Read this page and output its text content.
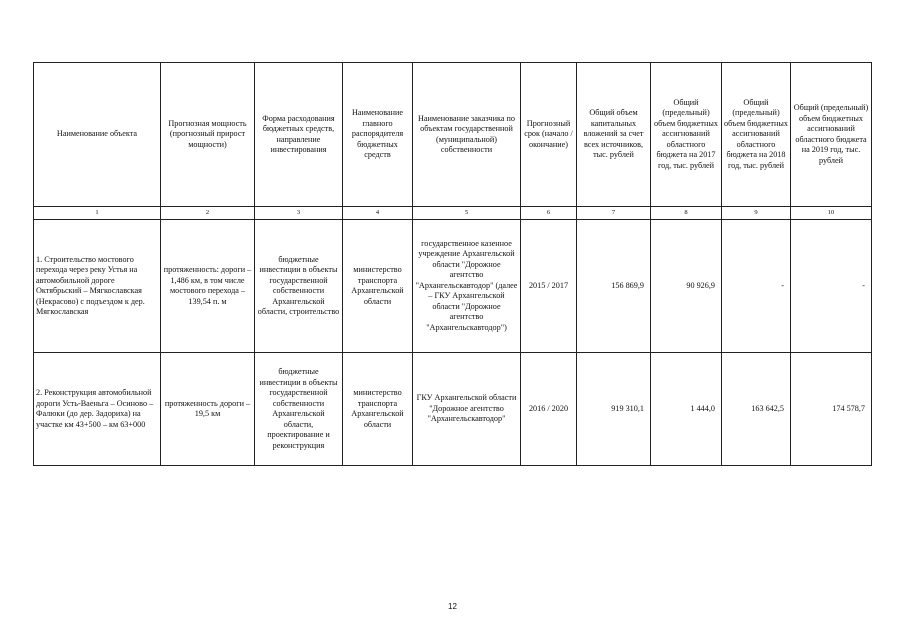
Наименование объекта	Прогнозная мощность (прогнозный прирост мощности)	Форма расходования бюджетных средств, направление инвестирования	Наименование главного распорядителя бюджетных средств	Наименование заказчика по объектам государственной (муниципальной) собственности	Прогнозный срок (начало / окончание)	Общий объем капитальных вложений за счет всех источников, тыс. рублей	Общий (предельный) объем бюджетных ассигнований областного бюджета на 2017 год, тыс. рублей	Общий (предельный) объем бюджетных ассигнований областного бюджета на 2018 год, тыс. рублей	Общий (предельный) объем бюджетных ассигнований областного бюджета на 2019 год, тыс. рублей
1	2	3	4	5	6	7	8	9	10
1. Строительство мостового перехода через реку Устья на автомобильной дороге Октябрьский – Мягкославская (Некрасово) с подъездом к дер. Мягкославская	протяженность: дороги – 1,486 км, в том числе мостового перехода – 139,54 п. м	бюджетные инвестиции в объекты государственной собственности Архангельской области, строительство	министерство транспорта Архангельской области	государственное казенное учреждение Архангельской области "Дорожное агентство "Архангельскавтодор" (далее – ГКУ Архангельской области "Дорожное агентство "Архангельскавтодор")	2015 / 2017	156 869,9	90 926,9	-	-
2. Реконструкция автомобильной дороги Усть-Ваеньга – Осиново – Фалюки (до дер. Задориха) на участке км 43+500 – км 63+000	протяженность дороги – 19,5 км	бюджетные инвестиции в объекты государственной собственности Архангельской области, проектирование и реконструкция	министерство транспорта Архангельской области	ГКУ Архангельской области "Дорожное агентство "Архангельскавтодор"	2016 / 2020	919 310,1	1 444,0	163 642,5	174 578,7
12
